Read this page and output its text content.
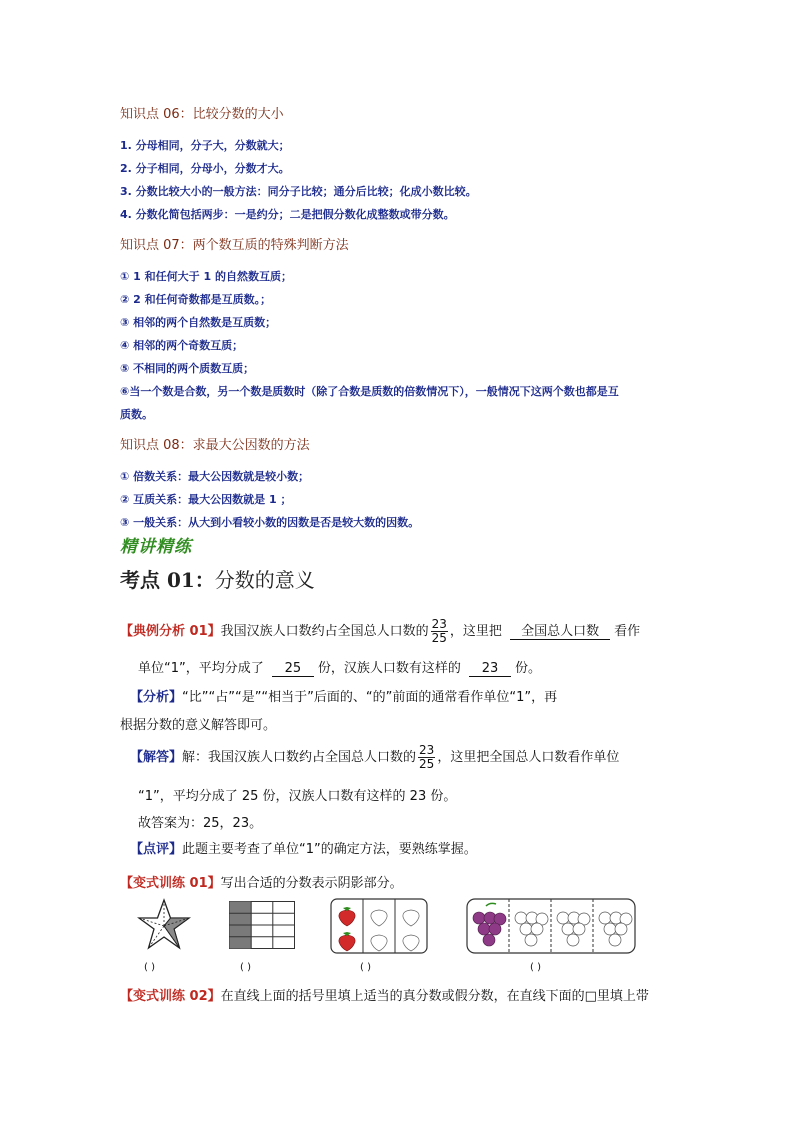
知识点 06：比较分数的大小
1. 分母相同，分子大，分数就大；
2. 分子相同，分母小，分数才大。
3. 分数比较大小的一般方法：同分子比较；通分后比较；化成小数比较。
4. 分数化简包括两步：一是约分；二是把假分数化成整数或带分数。
知识点 07：两个数互质的特殊判断方法
① 1 和任何大于 1 的自然数互质；
② 2 和任何奇数都是互质数。；
③ 相邻的两个自然数是互质数；
④ 相邻的两个奇数互质；
⑤ 不相同的两个质数互质；
⑥当一个数是合数，另一个数是质数时（除了合数是质数的倍数情况下），一般情况下这两个数也都是互
质数。
知识点 08：求最大公因数的方法
① 倍数关系：最大公因数就是较小数；
② 互质关系：最大公因数就是 1 ；
③ 一般关系：从大到小看较小数的因数是否是较大数的因数。
精讲精练
考点 01：分数的意义
【典例分析 01】我国汉族人口数约占全国总人口数的 $\frac{23}{25}$ ，这里把 全国总人口数 看作
单位“1”，平均分成了 25 份，汉族人口数有这样的 23 份。
【分析】“比”“占”“是”“相当于”后面的、“的”前面的通常看作单位“1”，再
根据分数的意义解答即可。
【解答】解：我国汉族人口数约占全国总人口数的 $\frac{23}{25}$ ，这里把全国总人口数看作单位
“1”，平均分成了 25 份，汉族人口数有这样的 23 份。
故答案为：25，23。
【点评】此题主要考查了单位“1”的确定方法，要熟练掌握。
【变式训练 01】写出合适的分数表示阴影部分。
( )	( )	( )	( )
【变式训练 02】在直线上面的括号里填上适当的真分数或假分数，在直线下面的□里填上带
